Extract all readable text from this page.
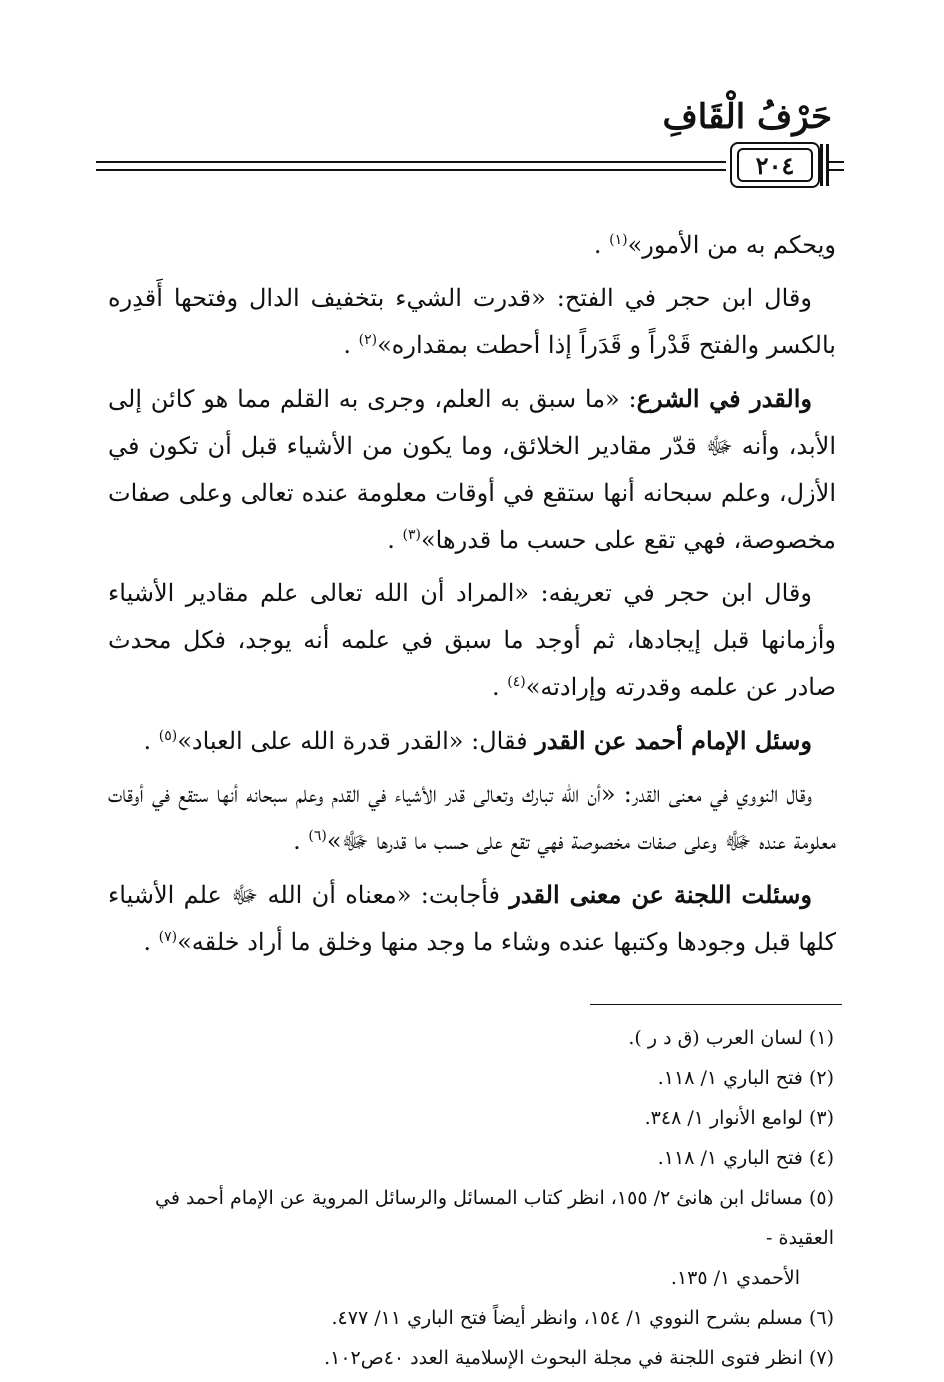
حَرْفُ الْقَافِ
٢٠٤

ويحكم به من الأمور»$^{(١)}$ .

وقال ابن حجر في الفتح: «قدرت الشيء بتخفيف الدال وفتحها أَقدِره بالكسر والفتح قَدْراً و قَدَراً إذا أحطت بمقداره»$^{(٢)}$ .

والقدر في الشرع: «ما سبق به العلم، وجرى به القلم مما هو كائن إلى الأبد، وأنه ﷻ قدّر مقادير الخلائق، وما يكون من الأشياء قبل أن تكون في الأزل، وعلم سبحانه أنها ستقع في أوقات معلومة عنده تعالى وعلى صفات مخصوصة، فهي تقع على حسب ما قدرها»$^{(٣)}$ .

وقال ابن حجر في تعريفه: «المراد أن الله تعالى علم مقادير الأشياء وأزمانها قبل إيجادها، ثم أوجد ما سبق في علمه أنه يوجد، فكل محدث صادر عن علمه وقدرته وإرادته»$^{(٤)}$ .

وسئل الإمام أحمد عن القدر فقال: «القدر قدرة الله على العباد»$^{(٥)}$ .

وقال النووي في معنى القدر: «أن الله تبارك وتعالى قدر الأشياء في القدم وعلم سبحانه أنها ستقع في أوقات معلومة عنده ﷻ وعلى صفات مخصوصة فهي تقع على حسب ما قدرها ﷻ»$^{(٦)}$ .

وسئلت اللجنة عن معنى القدر فأجابت: «معناه أن الله ﷻ علم الأشياء كلها قبل وجودها وكتبها عنده وشاء ما وجد منها وخلق ما أراد خلقه»$^{(٧)}$ .

(١) لسان العرب (ق د ر ).
(٢) فتح الباري ١/ ١١٨.
(٣) لوامع الأنوار ١/ ٣٤٨.
(٤) فتح الباري ١/ ١١٨.
(٥) مسائل ابن هانئ ٢/ ١٥٥، انظر كتاب المسائل والرسائل المروية عن الإمام أحمد في العقيدة -
الأحمدي ١/ ١٣٥.
(٦) مسلم بشرح النووي ١/ ١٥٤، وانظر أيضاً فتح الباري ١١/ ٤٧٧.
(٧) انظر فتوى اللجنة في مجلة البحوث الإسلامية العدد ٤٠ص١٠٢.
